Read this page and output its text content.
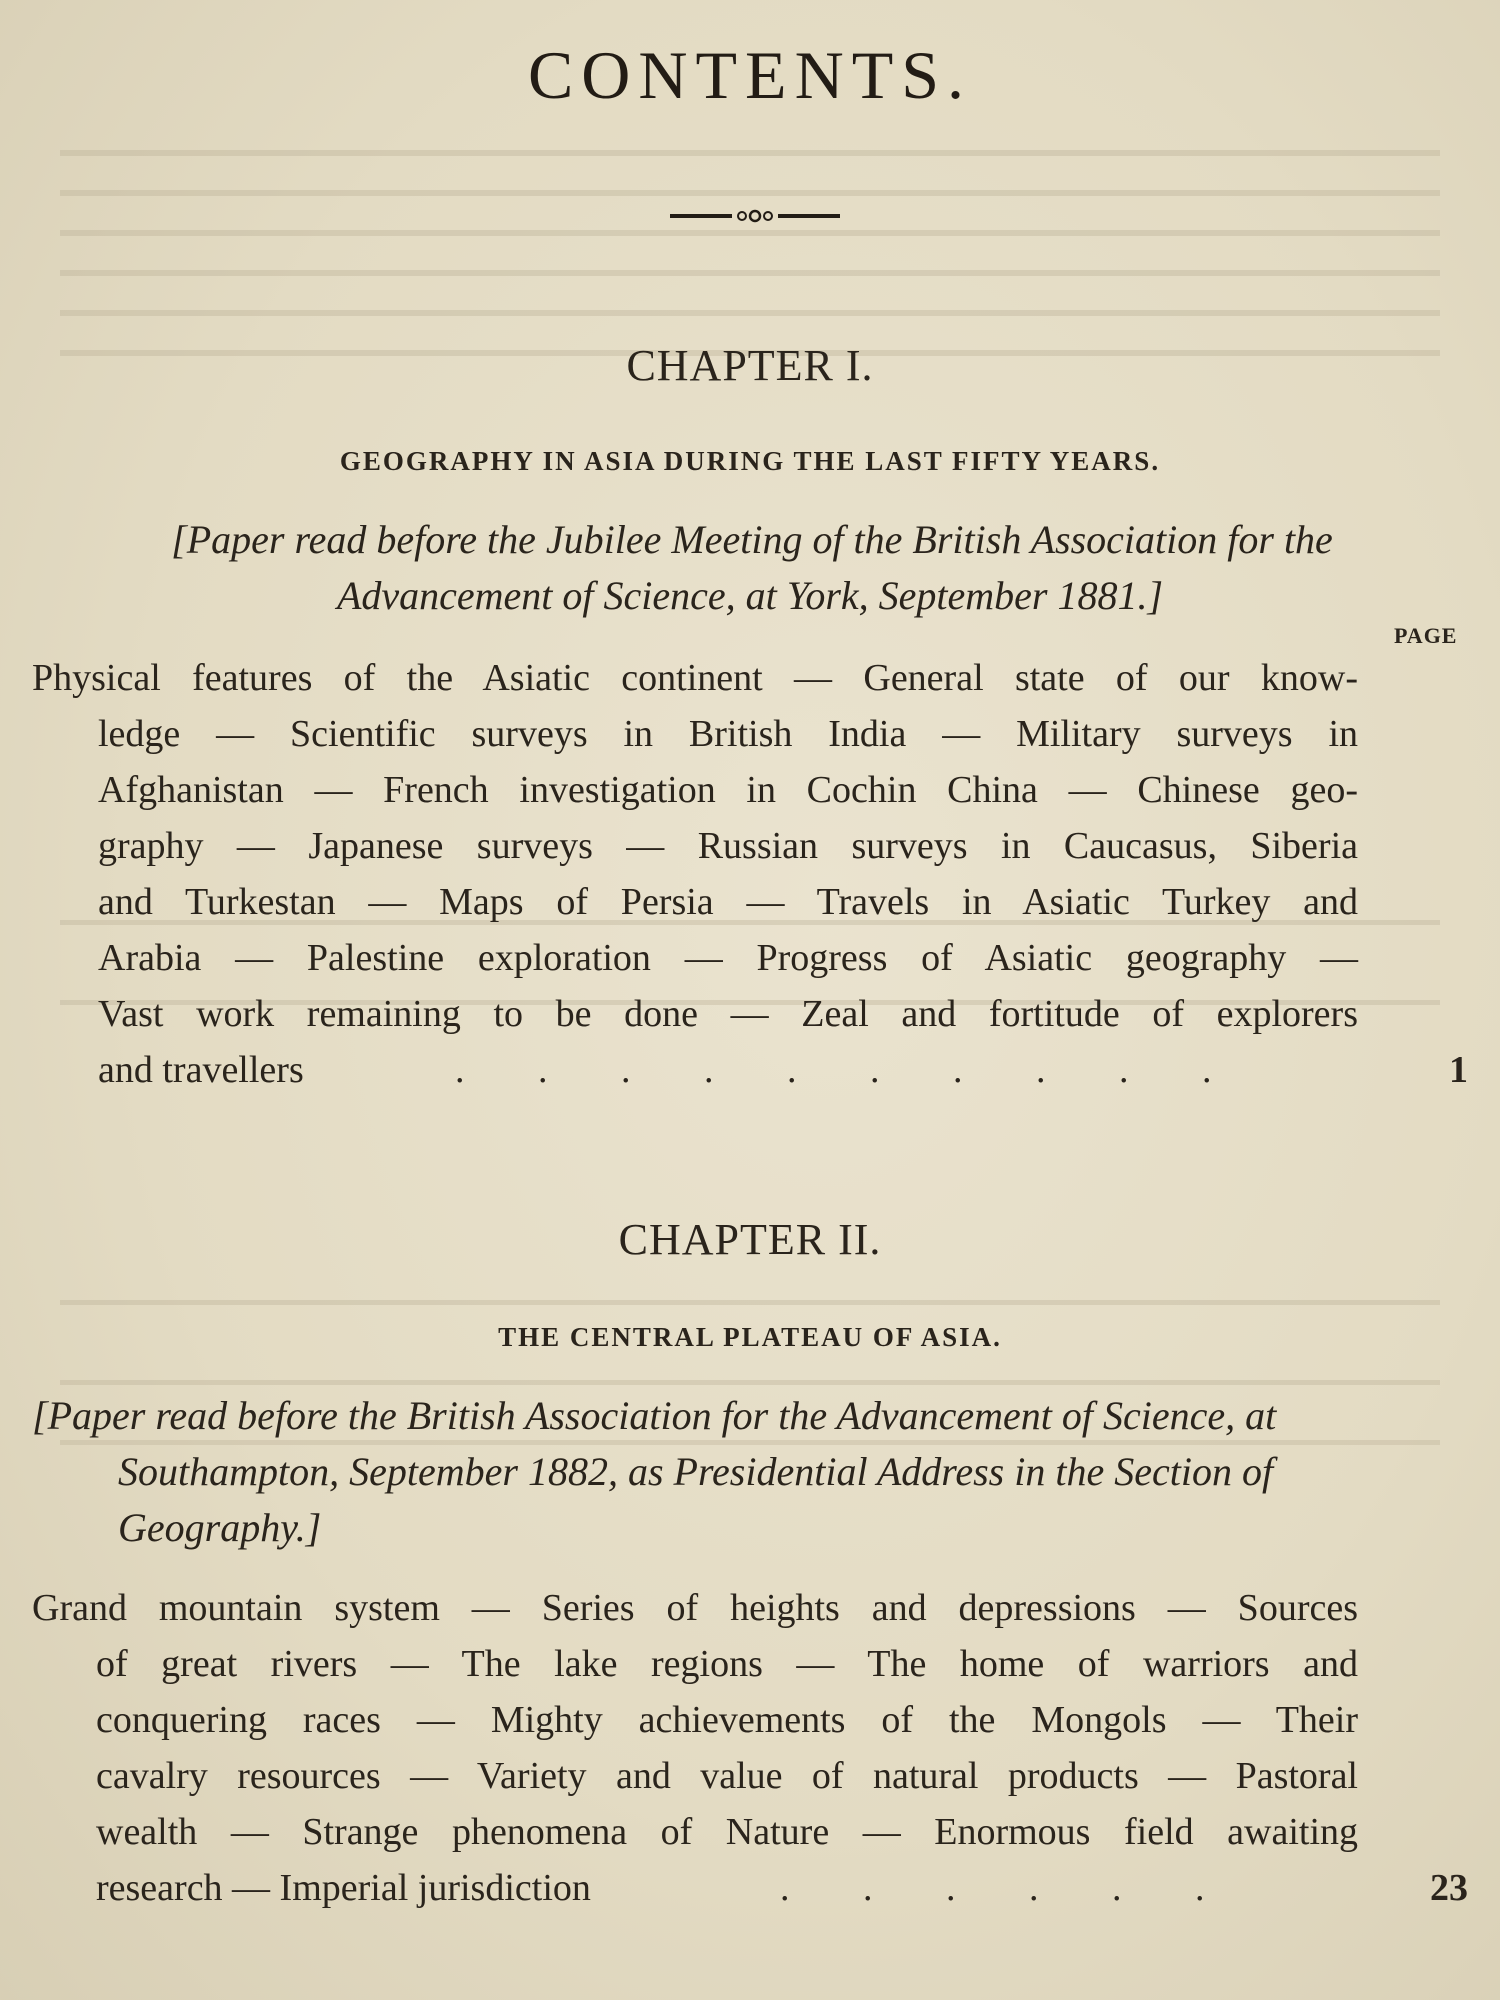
CONTENTS.
CHAPTER I.
GEOGRAPHY IN ASIA DURING THE LAST FIFTY YEARS.
[Paper read before the Jubilee Meeting of the British Association for the
Advancement of Science, at York, September 1881.]
PAGE
Physical features of the Asiatic continent — General state of our know-
ledge — Scientific surveys in British India — Military surveys in
Afghanistan — French investigation in Cochin China — Chinese geo-
graphy — Japanese surveys — Russian surveys in Caucasus, Siberia
and Turkestan — Maps of Persia — Travels in Asiatic Turkey and
Arabia — Palestine exploration — Progress of Asiatic geography —
Vast work remaining to be done — Zeal and fortitude of explorers
and travellers	. . . . . . . . . .	1
CHAPTER II.
THE CENTRAL PLATEAU OF ASIA.
[Paper read before the British Association for the Advancement of Science, at
Southampton, September 1882, as Presidential Address in the Section of
Geography.]
Grand mountain system — Series of heights and depressions — Sources
of great rivers — The lake regions — The home of warriors and
conquering races — Mighty achievements of the Mongols — Their
cavalry resources — Variety and value of natural products — Pastoral
wealth — Strange phenomena of Nature — Enormous field awaiting
research — Imperial jurisdiction	. . . . . .	23
